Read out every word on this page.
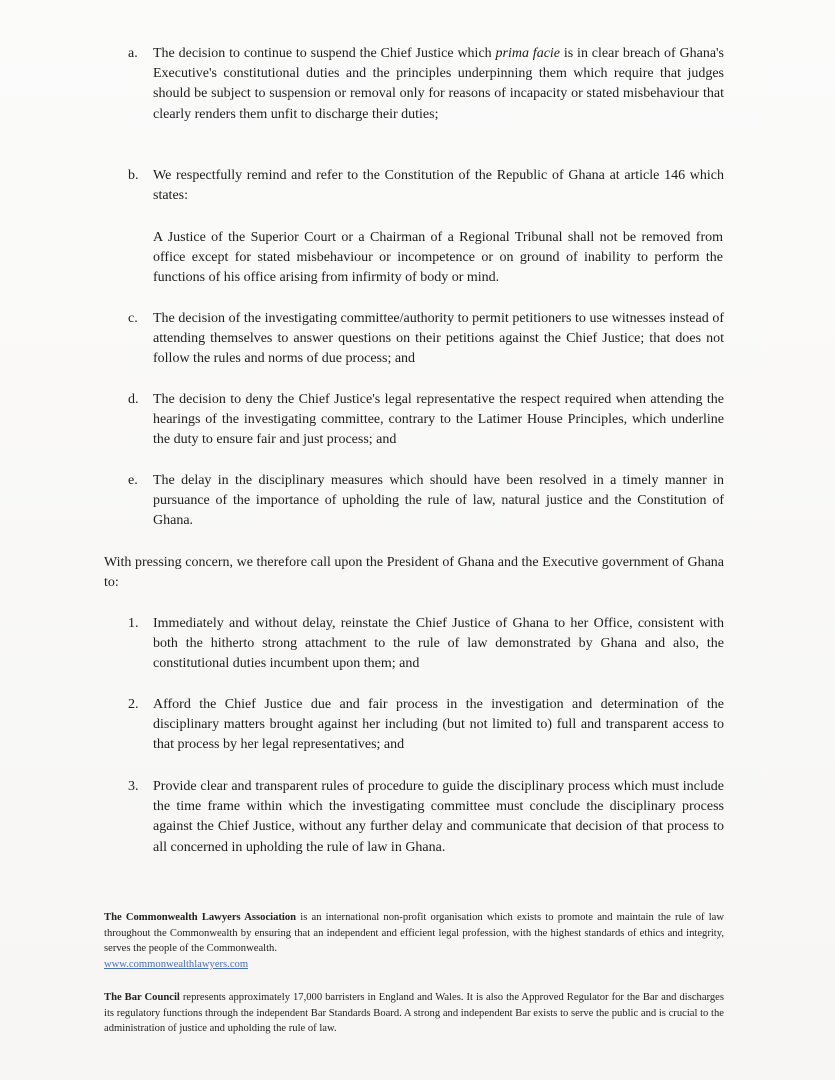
a.	The decision to continue to suspend the Chief Justice which prima facie is in clear breach of Ghana's Executive's constitutional duties and the principles underpinning them which require that judges should be subject to suspension or removal only for reasons of incapacity or stated misbehaviour that clearly renders them unfit to discharge their duties;
b.	We respectfully remind and refer to the Constitution of the Republic of Ghana at article 146 which states:
A Justice of the Superior Court or a Chairman of a Regional Tribunal shall not be removed from office except for stated misbehaviour or incompetence or on ground of inability to perform the functions of his office arising from infirmity of body or mind.
c.	The decision of the investigating committee/authority to permit petitioners to use witnesses instead of attending themselves to answer questions on their petitions against the Chief Justice; that does not follow the rules and norms of due process; and
d.	The decision to deny the Chief Justice's legal representative the respect required when attending the hearings of the investigating committee, contrary to the Latimer House Principles, which underline the duty to ensure fair and just process; and
e.	The delay in the disciplinary measures which should have been resolved in a timely manner in pursuance of the importance of upholding the rule of law, natural justice and the Constitution of Ghana.
With pressing concern, we therefore call upon the President of Ghana and the Executive government of Ghana to:
1.	Immediately and without delay, reinstate the Chief Justice of Ghana to her Office, consistent with both the hitherto strong attachment to the rule of law demonstrated by Ghana and also, the constitutional duties incumbent upon them; and
2.	Afford the Chief Justice due and fair process in the investigation and determination of the disciplinary matters brought against her including (but not limited to) full and transparent access to that process by her legal representatives; and
3.	Provide clear and transparent rules of procedure to guide the disciplinary process which must include the time frame within which the investigating committee must conclude the disciplinary process against the Chief Justice, without any further delay and communicate that decision of that process to all concerned in upholding the rule of law in Ghana.
The Commonwealth Lawyers Association is an international non-profit organisation which exists to promote and maintain the rule of law throughout the Commonwealth by ensuring that an independent and efficient legal profession, with the highest standards of ethics and integrity, serves the people of the Commonwealth.
www.commonwealthlawyers.com
The Bar Council represents approximately 17,000 barristers in England and Wales. It is also the Approved Regulator for the Bar and discharges its regulatory functions through the independent Bar Standards Board. A strong and independent Bar exists to serve the public and is crucial to the administration of justice and upholding the rule of law.
